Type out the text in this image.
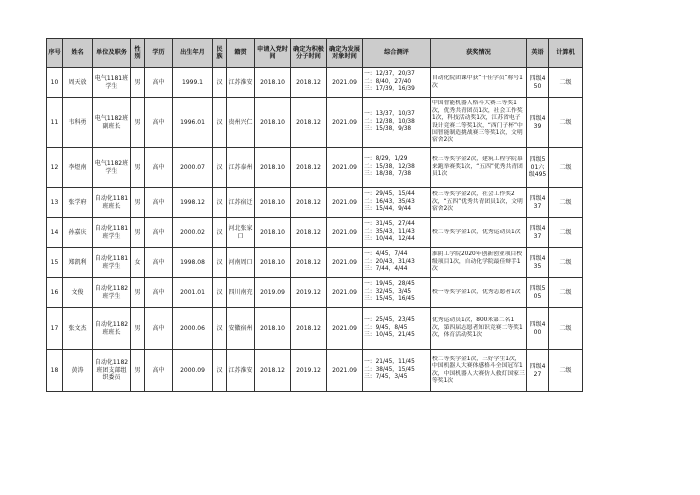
序号	姓名	单位及职务	性别	学历	出生年月	民族	籍贯	申请入党时间	确定为积极分子时间	确定为发展对象时间	综合测评	获奖情况	英语	计算机
10	周天放	电气1181班学生	男	高中	1999.1	汉	江苏淮安	2018.10	2018.12	2021.09	一：12/37，20/37
二：8/40，27/40
三：17/39，16/39	自动化院团课中获“十佳学员”称号1次	四级450	二级
11	韦科勇	电气1182班副班长	男	高中	1996.01	汉	贵州兴仁	2018.10	2018.12	2021.09	一：13/37，10/37
二：12/38，10/38
三：15/38，9/38	中国智能机器人格斗大赛三等奖1次，优秀共青团员1次，社会工作奖1次，科技活动奖1次，江苏省电子设计竞赛二等奖1次，“西门子杯”中国智能制造挑战赛三等奖1次，文明宿舍2次	四级439	二级
12	李煜南	电气1182班学生	男	高中	2000.07	汉	江苏泰州	2018.10	2018.12	2021.09	一：8/29，1/29
二：15/38，12/38
三：18/38，7/38	校三等奖学金2次，建筑工程学院慕来跑举赛奖1次，“五四”优秀共青团员1次	四级501六级495	二级
13	张学府	自动化1181班班长	男	高中	1998.12	汉	江苏宿迁	2018.10	2018.12	2021.09	一：29/45，15/44
二：16/43，35/43
三：15/44，9/44	校三等奖学金2次，社会工作奖2次，“五四”优秀共青团员1次，文明宿舍2次	四级437	二级
14	孙嘉庆	自动化1181班学生	男	高中	2000.02	汉	河北张家口	2018.10	2018.12	2021.09	一：31/45，27/44
二：35/43，11/43
三：10/44，12/44	校二等奖学金1次，优秀运动员1次	四级437	二级
15	郑凯利	自动化1181班学生	女	高中	1998.08	汉	河南周口	2018.10	2018.12	2021.09	一：4/45，7/44
二：20/43，31/43
三：7/44，4/44	淮阴工学院2020年创新创业项目校级项目1次，自动化学院最佳辩手1次	四级435	二级
16	文俊	自动化1182班学生	男	高中	2001.01	汉	四川南充	2019.09	2019.12	2021.09	一：19/45，28/45
二：32/45，3/45
三：15/45，16/45	校一等奖学金1次，优秀志愿者1次	四级505	二级
17	张文杰	自动化1182班班长	男	高中	2000.06	汉	安徽宿州	2018.10	2018.12	2021.09	一：25/45，23/45
二：9/45，8/45
三：10/45，21/45	优秀运动员1次，800米第二名1次，第四届志愿者知识竞赛二等奖1次，体育活动奖1次	四级400	二级
18	黄涛	自动化1182班团支部组织委员	男	高中	2000.09	汉	江苏淮安	2018.12	2019.12	2021.09	一：21/45，11/45
二：38/45，15/45
三：7/45，3/45	校二等奖学金1次，三好学生1次，中国机器人大赛体感格斗全国冠军1次，中国机器人大赛仿人救灯国家三等奖1次	四级427	二级
